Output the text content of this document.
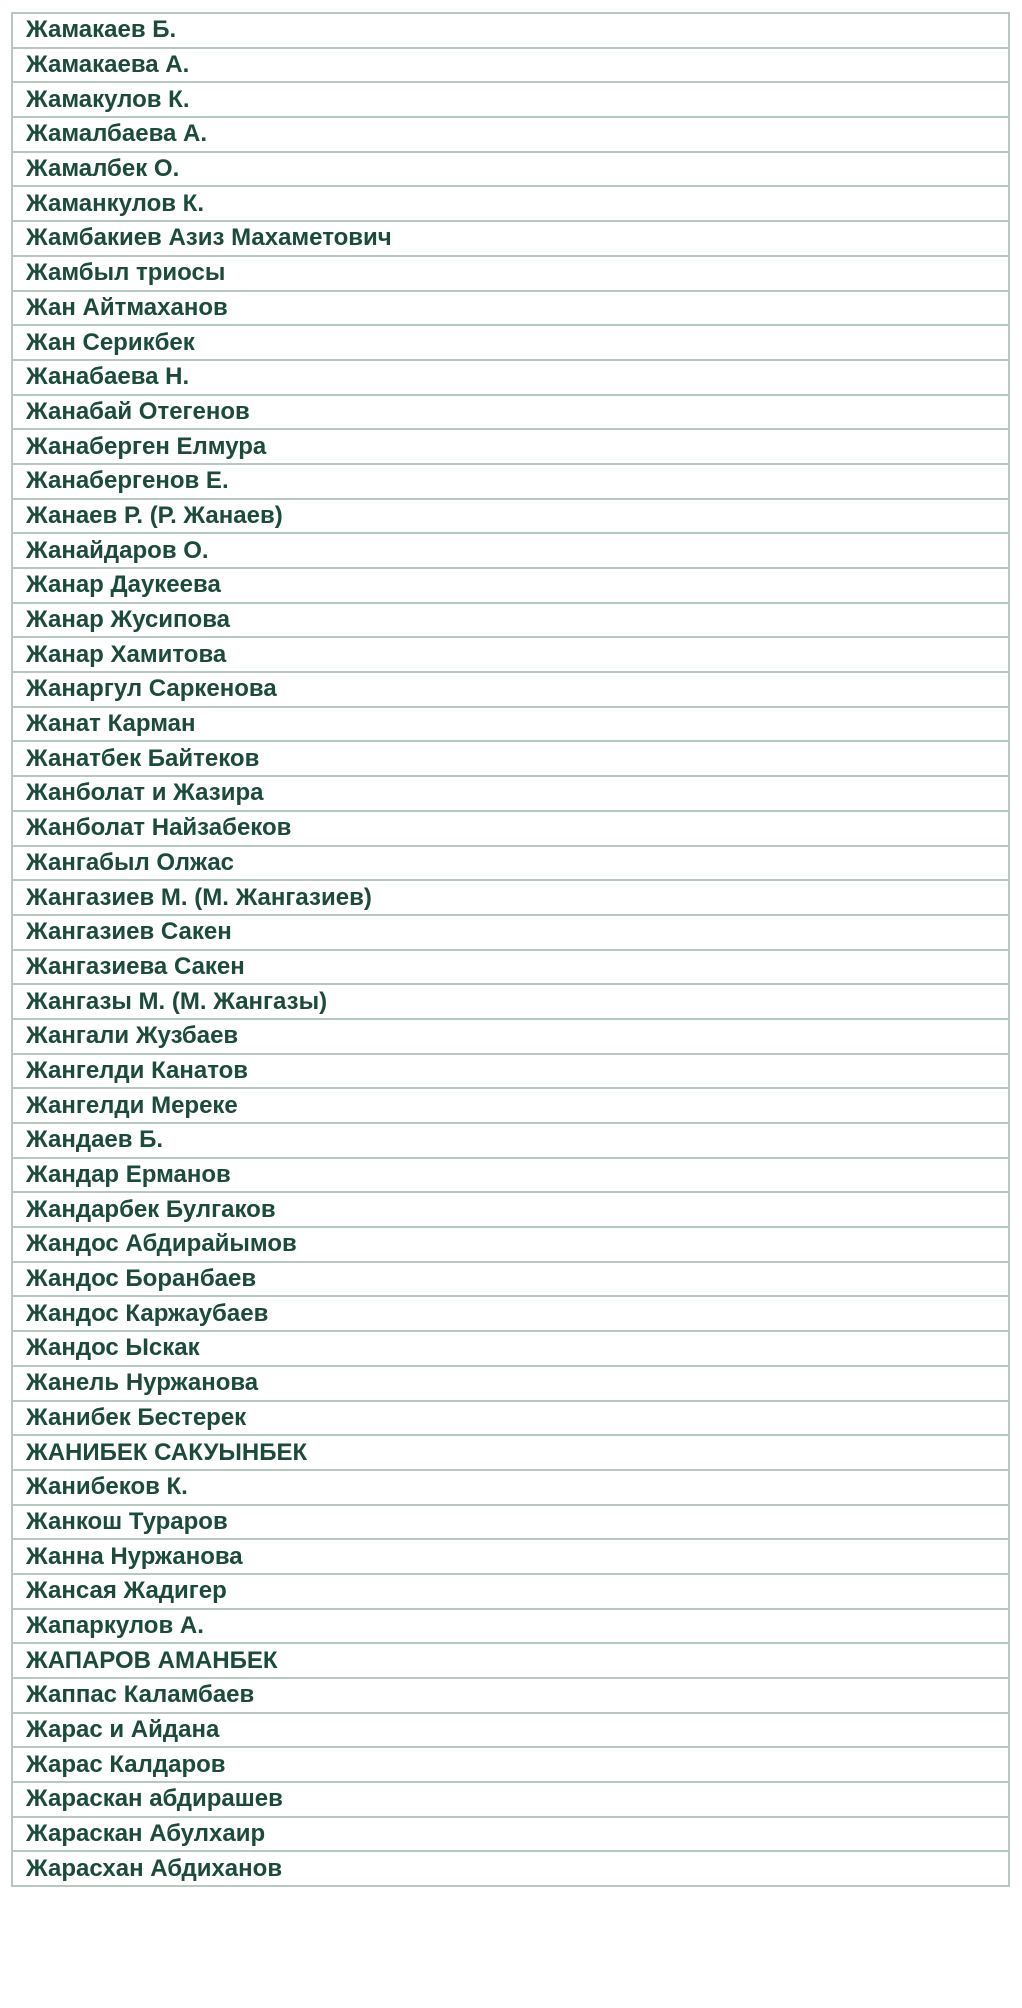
Жамакаев Б.
Жамакаева А.
Жамакулов К.
Жамалбаева А.
Жамалбек О.
Жаманкулов К.
Жамбакиев Азиз Махаметович
Жамбыл триосы
Жан Айтмаханов
Жан Серикбек
Жанабаева Н.
Жанабай Отегенов
Жанаберген Елмура
Жанабергенов Е.
Жанаев Р. (Р. Жанаев)
Жанайдаров О.
Жанар Даукеева
Жанар Жусипова
Жанар Хамитова
Жанаргул Саркенова
Жанат Карман
Жанатбек Байтеков
Жанболат и Жазира
Жанболат Найзабеков
Жангабыл Олжас
Жангазиев М. (М. Жангазиев)
Жангазиев Сакен
Жангазиева Сакен
Жангазы М. (М. Жангазы)
Жангали Жузбаев
Жангелди Канатов
Жангелди Мереке
Жандаев Б.
Жандар Ерманов
Жандарбек Булгаков
Жандос Абдирайымов
Жандос Боранбаев
Жандос Каржаубаев
Жандос Ыскак
Жанель Нуржанова
Жанибек Бестерек
ЖАНИБЕК САКУЫНБЕК
Жанибеков К.
Жанкош Тураров
Жанна Нуржанова
Жансая Жадигер
Жапаркулов А.
ЖАПАРОВ АМАНБЕК
Жаппас Каламбаев
Жарас и Айдана
Жарас Калдаров
Жараскан абдирашев
Жараскан Абулхаир
Жарасхан Абдиханов
